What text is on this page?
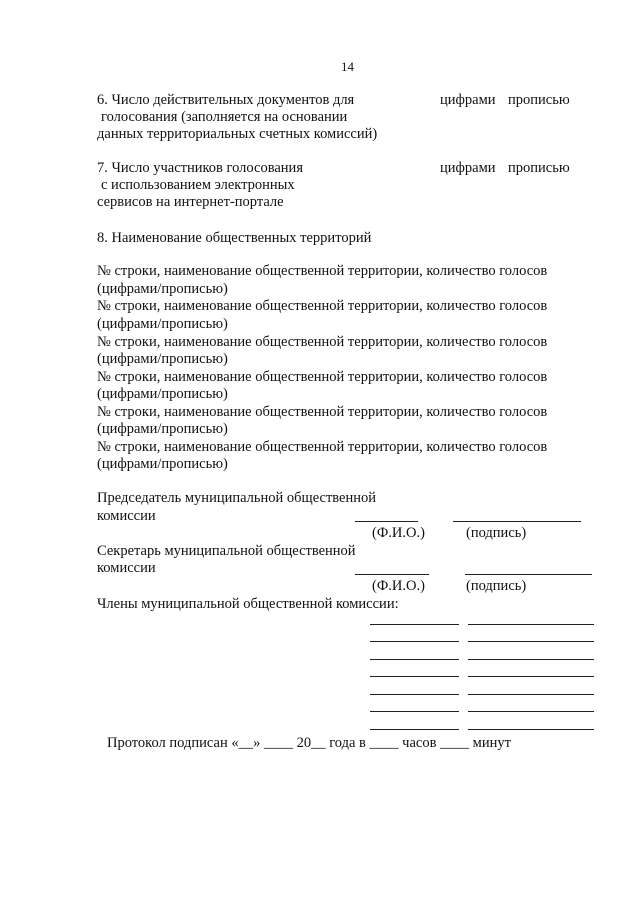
14
6. Число действительных документов для
голосования (заполняется на основании
данных территориальных счетных комиссий)
цифрами прописью
7. Число участников голосования
с использованием электронных
сервисов на интернет-портале
цифрами прописью
8. Наименование общественных территорий
№ строки, наименование общественной территории, количество голосов
(цифрами/прописью)
№ строки, наименование общественной территории, количество голосов
(цифрами/прописью)
№ строки, наименование общественной территории, количество голосов
(цифрами/прописью)
№ строки, наименование общественной территории, количество голосов
(цифрами/прописью)
№ строки, наименование общественной территории, количество голосов
(цифрами/прописью)
№ строки, наименование общественной территории, количество голосов
(цифрами/прописью)
Председатель муниципальной общественной
комиссии
(Ф.И.О.)	(подпись)
Секретарь муниципальной общественной
комиссии
(Ф.И.О.)	(подпись)
Члены муниципальной общественной комиссии:
Протокол подписан «__» ____ 20__ года в ____ часов ____ минут
